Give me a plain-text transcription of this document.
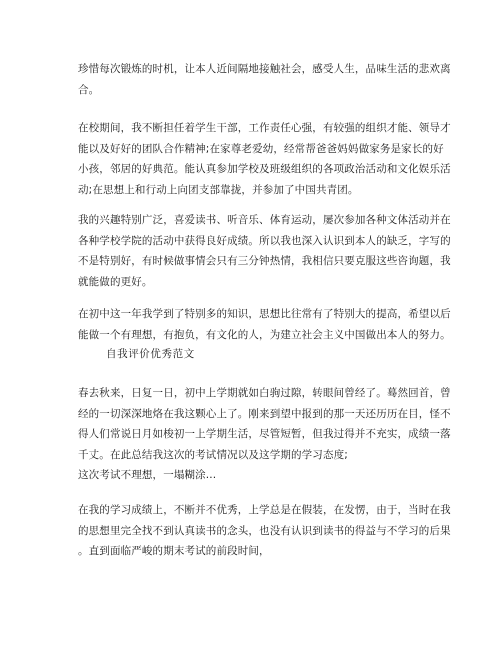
珍惜每次锻炼的时机，让本人近间隔地接触社会，感受人生，品味生活的悲欢离
合。

在校期间，我不断担任着学生干部，工作责任心强，有较强的组织才能、领导才
能以及好好的团队合作精神;在家尊老爱幼，经常帮爸爸妈妈做家务是家长的好
小孩，邻居的好典范。能认真参加学校及班级组织的各项政治活动和文化娱乐活
动;在思想上和行动上向团支部靠拢，并参加了中国共青团。

我的兴趣特别广泛，喜爱读书、听音乐、体育运动，屡次参加各种文体活动并在
各种学校学院的活动中获得良好成绩。所以我也深入认识到本人的缺乏，字写的
不是特别好，有时候做事情会只有三分钟热情，我相信只要克服这些咨询题，我
就能做的更好。

在初中这一年我学到了特别多的知识，思想比往常有了特别大的提高，希望以后
能做一个有理想，有抱负，有文化的人，为建立社会主义中国做出本人的努力。

自我评价优秀范文

春去秋来，日复一日，初中上学期就如白驹过隙，转眼间曾经了。蓦然回首，曾
经的一切深深地烙在我这颗心上了。刚来到望中报到的那一天还历历在目，怪不
得人们常说日月如梭初一上学期生活，尽管短暂，但我过得并不充实，成绩一落
千丈。在此总结我这次的考试情况以及这学期的学习态度;
这次考试不理想，一塌糊涂...

在我的学习成绩上，不断并不优秀，上学总是在假装，在发愣，由于，当时在我
的思想里完全找不到认真读书的念头，也没有认识到读书的得益与不学习的后果
。直到面临严峻的期末考试的前段时间，
